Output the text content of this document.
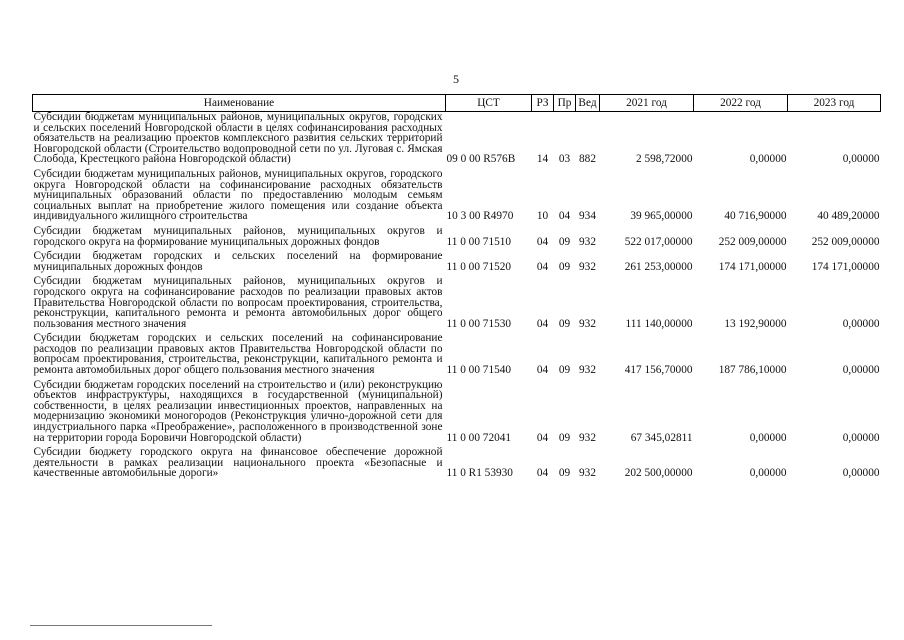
5
Наименование	ЦСТ	РЗ	Пр	Вед	2021 год	2022 год	2023 год
Субсидии бюджетам муниципальных районов, муниципальных округов, городских и сельских поселений Новгородской области в целях софинансирования расходных обязательств на реализацию проектов комплексного развития сельских территорий Новгородской области (Строительство водопроводной сети по ул. Луговая с. Ямская Слобода, Крестецкого района Новгородской области)	09 0 00 R576B	14	03	882	2 598,72000	0,00000	0,00000

Субсидии бюджетам муниципальных районов, муниципальных округов, городского округа Новгородской области на софинансирование расходных обязательств муниципальных образований области по предоставлению молодым семьям социальных выплат на приобретение жилого помещения или создание объекта индивидуального жилищного строительства	10 3 00 R4970	10	04	934	39 965,00000	40 716,90000	40 489,20000

Субсидии бюджетам муниципальных районов, муниципальных округов и городского округа на формирование муниципальных дорожных фондов	11 0 00 71510	04	09	932	522 017,00000	252 009,00000	252 009,00000

Субсидии бюджетам городских и сельских поселений на формирование муниципальных дорожных фондов	11 0 00 71520	04	09	932	261 253,00000	174 171,00000	174 171,00000

Субсидии бюджетам муниципальных районов, муниципальных округов и городского округа на софинансирование расходов по реализации правовых актов Правительства Новгородской области по вопросам проектирования, строительства, реконструкции, капитального ремонта и ремонта автомобильных дорог общего пользования местного значения	11 0 00 71530	04	09	932	111 140,00000	13 192,90000	0,00000

Субсидии бюджетам городских и сельских поселений на софинансирование расходов по реализации правовых актов Правительства Новгородской области по вопросам проектирования, строительства, реконструкции, капитального ремонта и ремонта автомобильных дорог общего пользования местного значения	11 0 00 71540	04	09	932	417 156,70000	187 786,10000	0,00000

Субсидии бюджетам городских поселений на строительство и (или) реконструкцию объектов инфраструктуры, находящихся в государственной (муниципальной) собственности, в целях реализации инвестиционных проектов, направленных на модернизацию экономики моногородов (Реконструкция улично-дорожной сети для индустриального парка «Преображение», расположенного в производственной зоне на территории города Боровичи Новгородской области)	11 0 00 72041	04	09	932	67 345,02811	0,00000	0,00000

Субсидии бюджету городского округа на финансовое обеспечение дорожной деятельности в рамках реализации национального проекта «Безопасные и качественные автомобильные дороги»	11 0 R1 53930	04	09	932	202 500,00000	0,00000	0,00000
